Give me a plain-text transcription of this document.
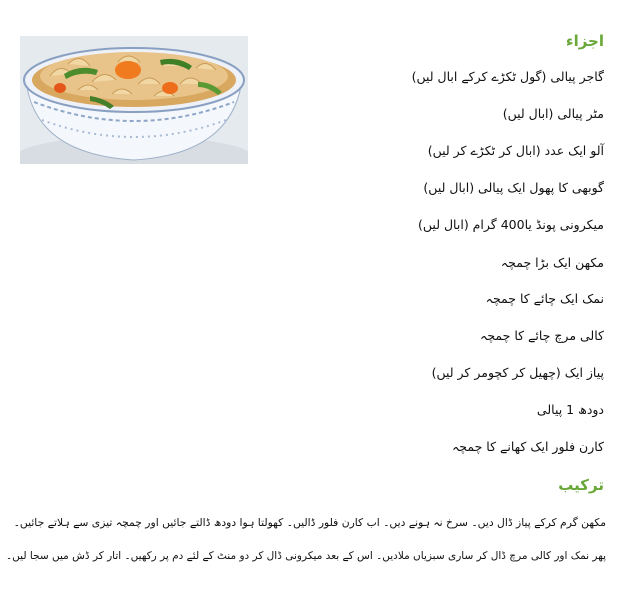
اجزاء
گاجر پیالی (گول ٹکڑے کرکے ابال لیں)
مٹر پیالی (ابال لیں)
آلو ایک عدد (ابال کر ٹکڑے کر لیں)
گوبھی کا پھول ایک پیالی (ابال لیں)
میکرونی پونڈ یا400 گرام (ابال لیں)
مکھن ایک بڑا چمچہ
نمک ایک چائے کا چمچہ
کالی مرچ چائے کا چمچہ
پیاز ایک (چھیل کر کچومر کر لیں)
دودھ 1 پیالی
کارن فلور ایک کھانے کا چمچہ
ترکیب
مکھن گرم کرکے پیاز ڈال دیں۔ سرخ نہ ہونے دیں۔ اب کارن فلور ڈالیں۔ کھولتا ہوا دودھ ڈالتے جائیں اور چمچہ تیزی سے ہلاتے جائیں۔
پھر نمک اور کالی مرچ ڈال کر ساری سبزیاں ملادیں۔ اس کے بعد میکرونی ڈال کر دو منٹ کے لئے دم پر رکھیں۔ اتار کر ڈش میں سجا لیں۔
